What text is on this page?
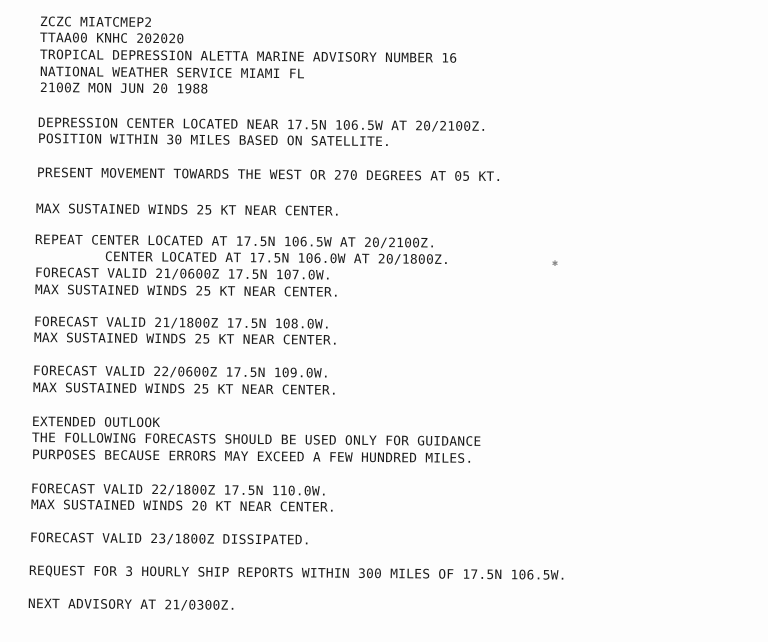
ZCZC MIATCMEP2
TTAA00 KNHC 202020
TROPICAL DEPRESSION ALETTA MARINE ADVISORY NUMBER 16
NATIONAL WEATHER SERVICE MIAMI FL
2100Z MON JUN 20 1988
DEPRESSION CENTER LOCATED NEAR 17.5N 106.5W AT 20/2100Z.
POSITION WITHIN 30 MILES BASED ON SATELLITE.
PRESENT MOVEMENT TOWARDS THE WEST OR 270 DEGREES AT 05 KT.
MAX SUSTAINED WINDS 25 KT NEAR CENTER.
REPEAT CENTER LOCATED AT 17.5N 106.5W AT 20/2100Z.
CENTER LOCATED AT 17.5N 106.0W AT 20/1800Z.
FORECAST VALID 21/0600Z 17.5N 107.0W.
MAX SUSTAINED WINDS 25 KT NEAR CENTER.
FORECAST VALID 21/1800Z 17.5N 108.0W.
MAX SUSTAINED WINDS 25 KT NEAR CENTER.
FORECAST VALID 22/0600Z 17.5N 109.0W.
MAX SUSTAINED WINDS 25 KT NEAR CENTER.
EXTENDED OUTLOOK
THE FOLLOWING FORECASTS SHOULD BE USED ONLY FOR GUIDANCE
PURPOSES BECAUSE ERRORS MAY EXCEED A FEW HUNDRED MILES.
FORECAST VALID 22/1800Z 17.5N 110.0W.
MAX SUSTAINED WINDS 20 KT NEAR CENTER.
FORECAST VALID 23/1800Z DISSIPATED.
REQUEST FOR 3 HOURLY SHIP REPORTS WITHIN 300 MILES OF 17.5N 106.5W.
NEXT ADVISORY AT 21/0300Z.
✱
